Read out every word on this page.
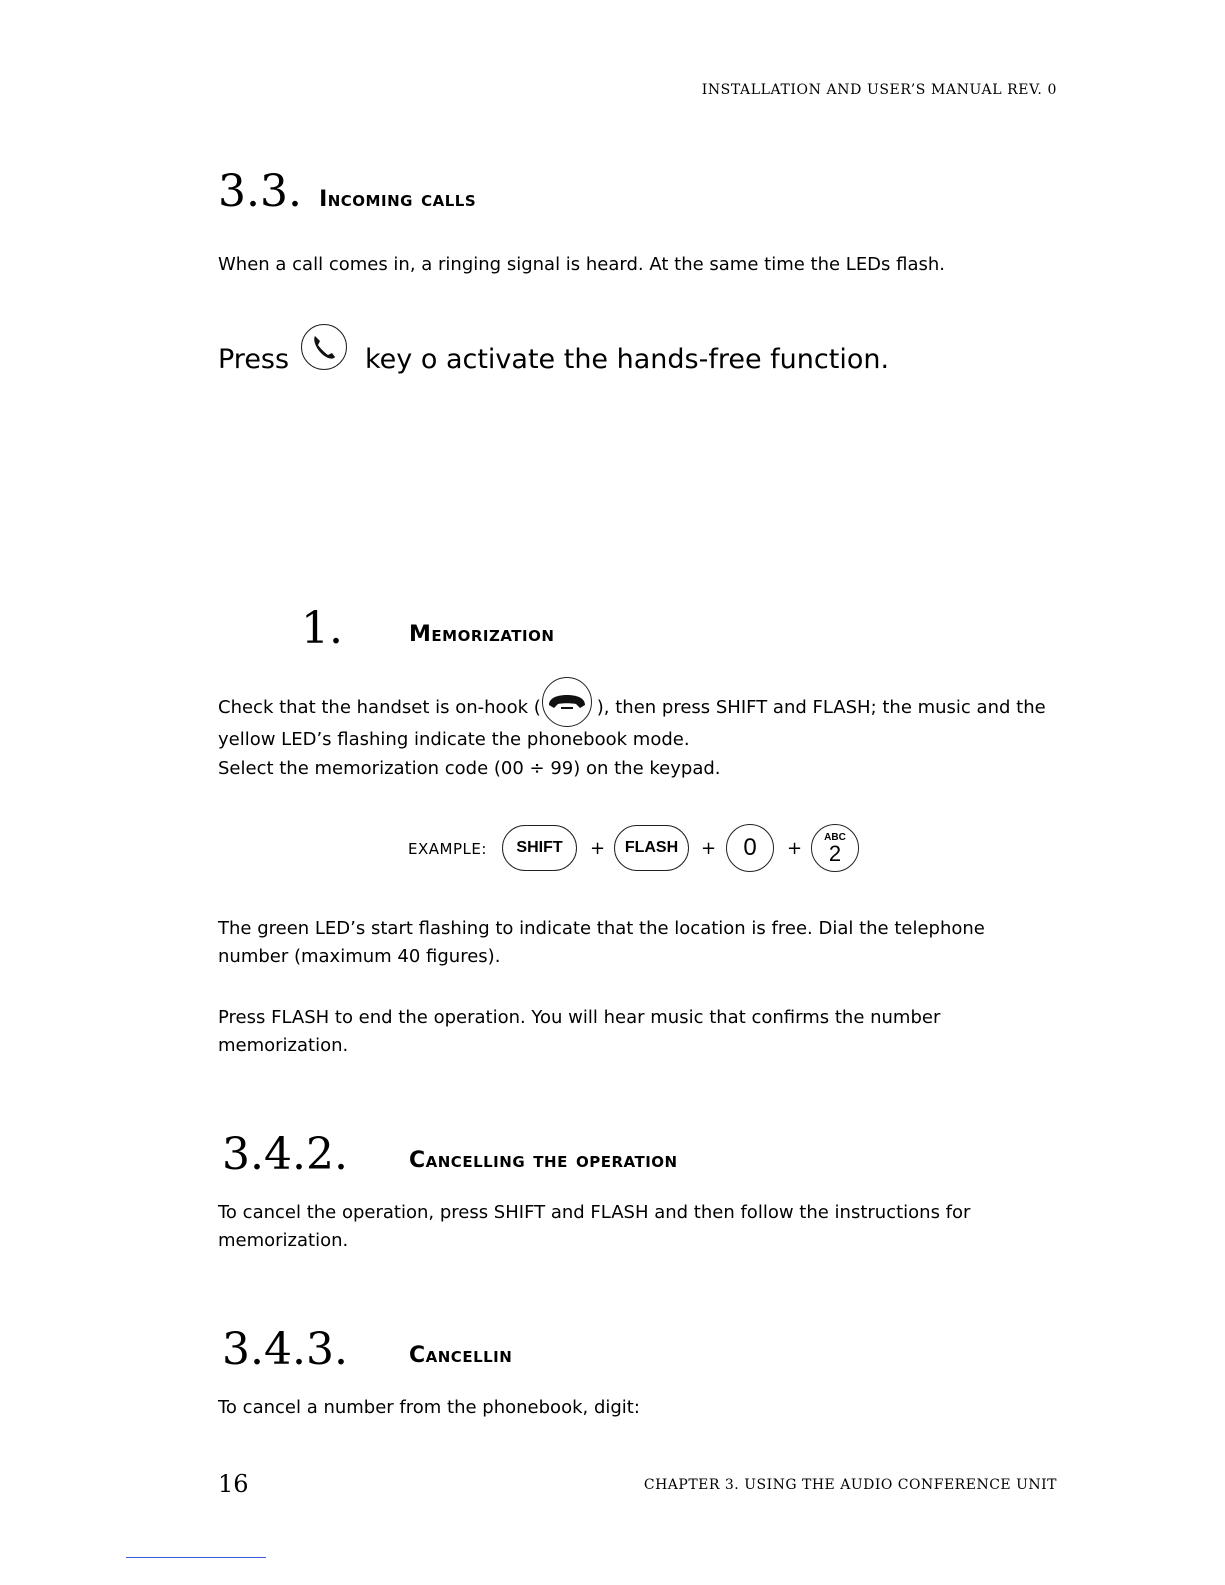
INSTALLATION AND USER’S MANUAL REV. 0
3.3. Incoming calls
When a call comes in, a ringing signal is heard. At the same time the LEDs flash.
Press	key o activate the hands-free function.
1.	Memorization
Check that the handset is on-hook (	), then press SHIFT and FLASH; the music and the
yellow LED’s flashing indicate the phonebook mode.
Select the memorization code (00 ÷ 99) on the keypad.
EXAMPLE:	SHIFT	+	FLASH	+	0	+
ABC
2
The green LED’s start flashing to indicate that the location is free. Dial the telephone
number (maximum 40 figures).
Press FLASH to end the operation. You will hear music that confirms the number
memorization.
3.4.2.	Cancelling the operation
To cancel the operation, press SHIFT and FLASH and then follow the instructions for
memorization.
3.4.3.	Cancellin
To cancel a number from the phonebook, digit:
16	CHAPTER 3. USING THE AUDIO CONFERENCE UNIT
